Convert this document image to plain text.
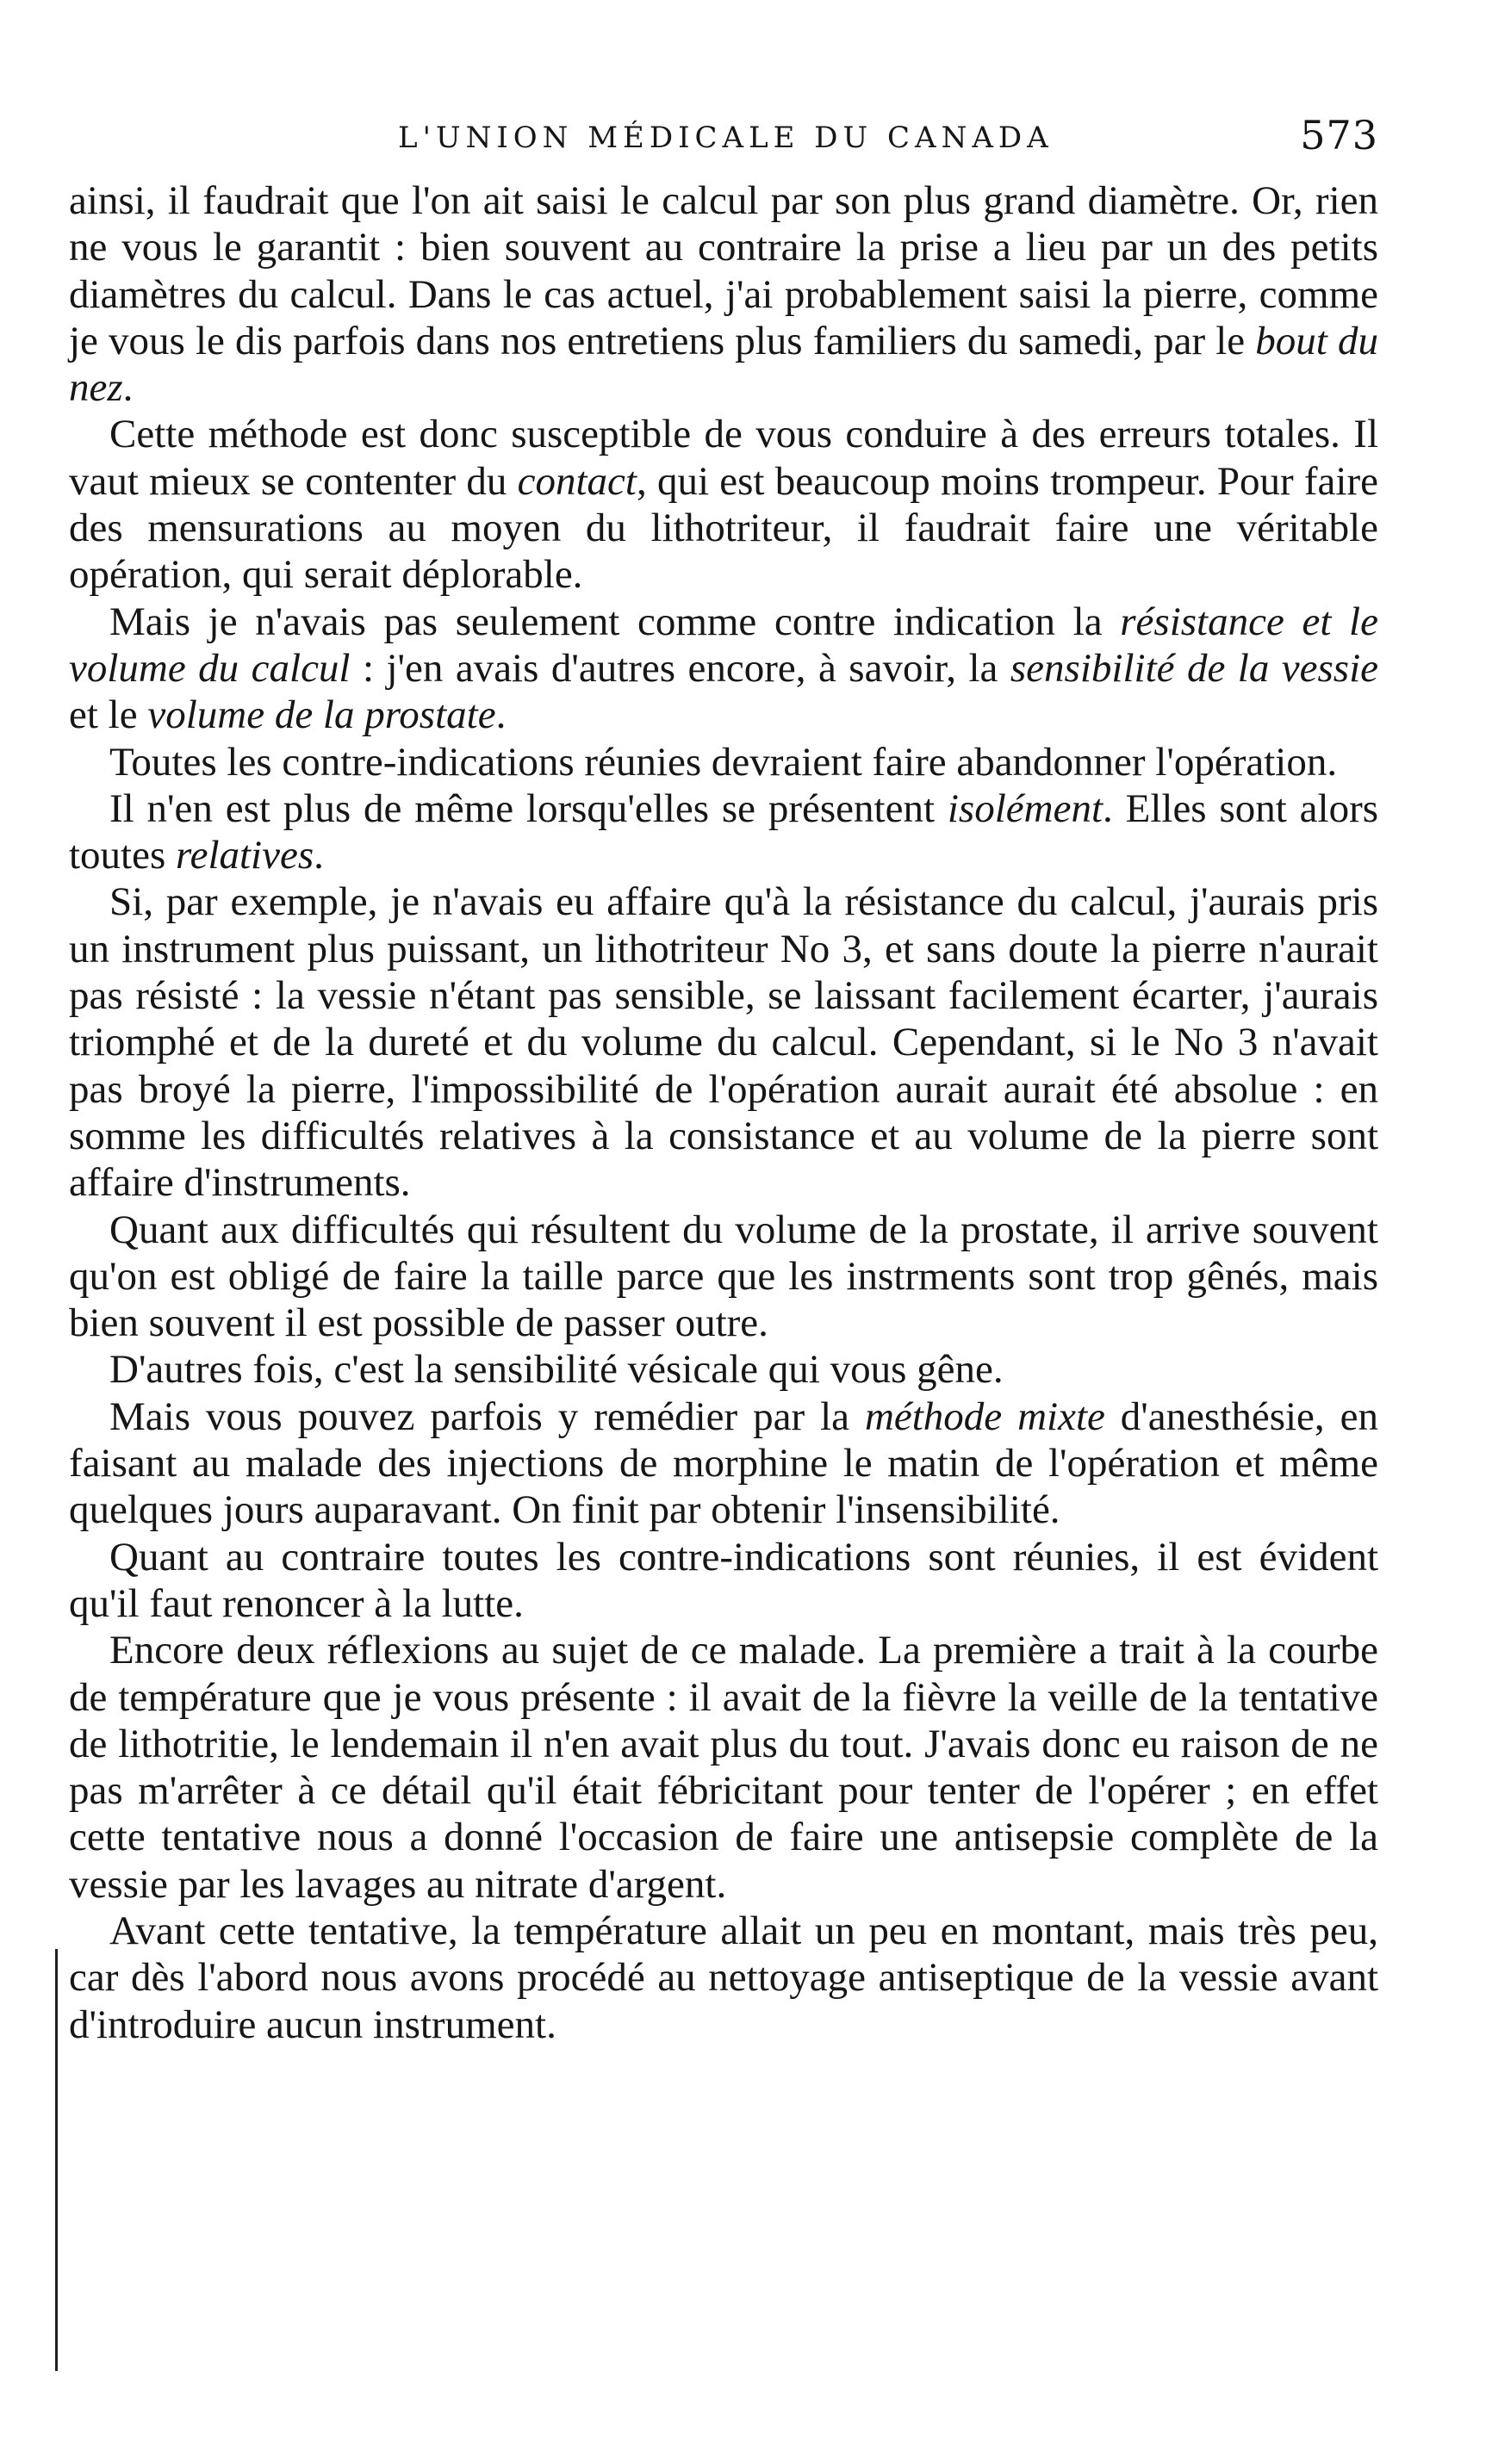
L'UNION MÉDICALE DU CANADA	573

ainsi, il faudrait que l'on ait saisi le calcul par son plus grand diamètre. Or, rien ne vous le garantit : bien souvent au contraire la prise a lieu par un des petits diamètres du calcul. Dans le cas actuel, j'ai probablement saisi la pierre, comme je vous le dis parfois dans nos entretiens plus familiers du samedi, par le bout du nez.

Cette méthode est donc susceptible de vous conduire à des erreurs totales. Il vaut mieux se contenter du contact, qui est beaucoup moins trompeur. Pour faire des mensurations au moyen du lithotriteur, il faudrait faire une véritable opération, qui serait déplorable.

Mais je n'avais pas seulement comme contre indication la résistance et le volume du calcul : j'en avais d'autres encore, à savoir, la sensibilité de la vessie et le volume de la prostate.

Toutes les contre-indications réunies devraient faire abandonner l'opération.

Il n'en est plus de même lorsqu'elles se présentent isolément. Elles sont alors toutes relatives.

Si, par exemple, je n'avais eu affaire qu'à la résistance du calcul, j'aurais pris un instrument plus puissant, un lithotriteur No 3, et sans doute la pierre n'aurait pas résisté : la vessie n'étant pas sensible, se laissant facilement écarter, j'aurais triomphé et de la dureté et du volume du calcul. Cependant, si le No 3 n'avait pas broyé la pierre, l'impossibilité de l'opération aurait aurait été absolue : en somme les difficultés relatives à la consistance et au volume de la pierre sont affaire d'instruments.

Quant aux difficultés qui résultent du volume de la prostate, il arrive souvent qu'on est obligé de faire la taille parce que les instrments sont trop gênés, mais bien souvent il est possible de passer outre.

D'autres fois, c'est la sensibilité vésicale qui vous gêne.

Mais vous pouvez parfois y remédier par la méthode mixte d'anesthésie, en faisant au malade des injections de morphine le matin de l'opération et même quelques jours auparavant. On finit par obtenir l'insensibilité.

Quant au contraire toutes les contre-indications sont réunies, il est évident qu'il faut renoncer à la lutte.

Encore deux réflexions au sujet de ce malade. La première a trait à la courbe de température que je vous présente : il avait de la fièvre la veille de la tentative de lithotritie, le lendemain il n'en avait plus du tout. J'avais donc eu raison de ne pas m'arrêter à ce détail qu'il était fébricitant pour tenter de l'opérer ; en effet cette tentative nous a donné l'occasion de faire une antisepsie complète de la vessie par les lavages au nitrate d'argent.

Avant cette tentative, la température allait un peu en montant, mais très peu, car dès l'abord nous avons procédé au nettoyage antiseptique de la vessie avant d'introduire aucun instrument.
